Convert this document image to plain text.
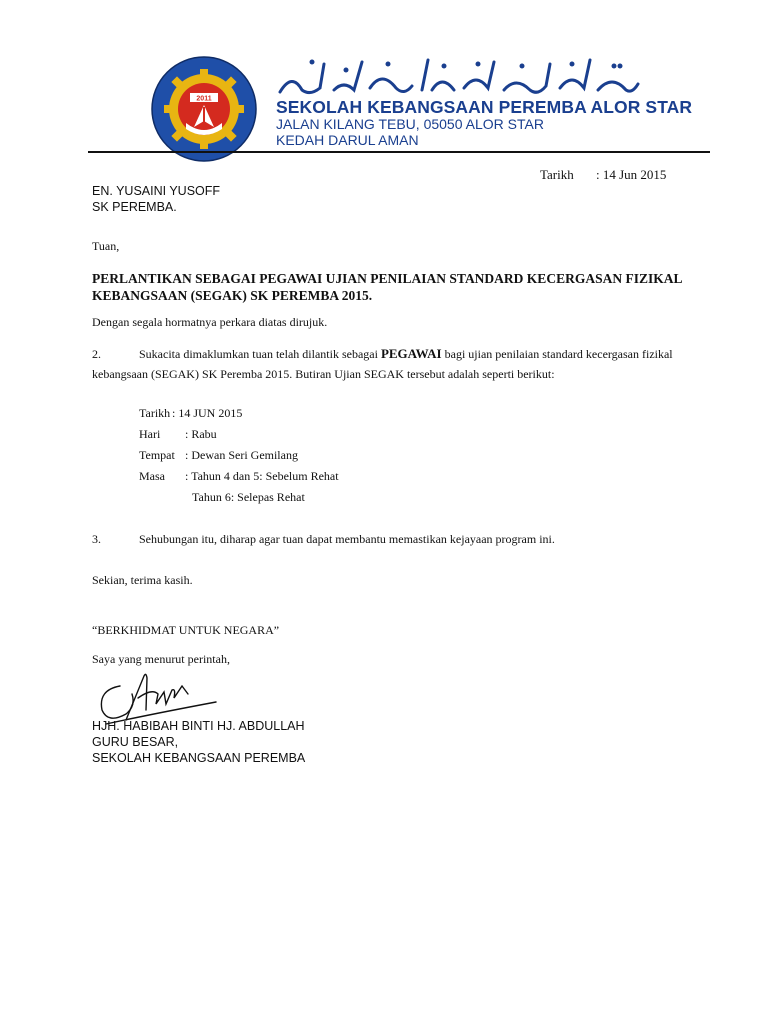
2011	SEKOLAH KEBANGSAAN PEREMBA ALOR STAR
JALAN KILANG TEBU, 05050 ALOR STAR
KEDAH DARUL AMAN
Tarikh : 14 Jun 2015
EN. YUSAINI YUSOFF
SK PEREMBA.
Tuan,
PERLANTIKAN SEBAGAI PEGAWAI UJIAN PENILAIAN STANDARD KECERGASAN FIZIKAL KEBANGSAAN (SEGAK) SK PEREMBA 2015.
Dengan segala hormatnya perkara diatas dirujuk.
2.	Sukacita dimaklumkan tuan telah dilantik sebagai PEGAWAI bagi ujian penilaian standard kecergasan fizikal kebangsaan (SEGAK) SK Peremba 2015. Butiran Ujian SEGAK tersebut adalah seperti berikut:
Tarikh : 14 JUN 2015
Hari : Rabu
Tempat : Dewan Seri Gemilang
Masa : Tahun 4 dan 5: Sebelum Rehat
Tahun 6: Selepas Rehat
3.	Sehubungan itu, diharap agar tuan dapat membantu memastikan kejayaan program ini.
Sekian, terima kasih.
“BERKHIDMAT UNTUK NEGARA”
Saya yang menurut perintah,
HJH. HABIBAH BINTI HJ. ABDULLAH
GURU BESAR,
SEKOLAH KEBANGSAAN PEREMBA
